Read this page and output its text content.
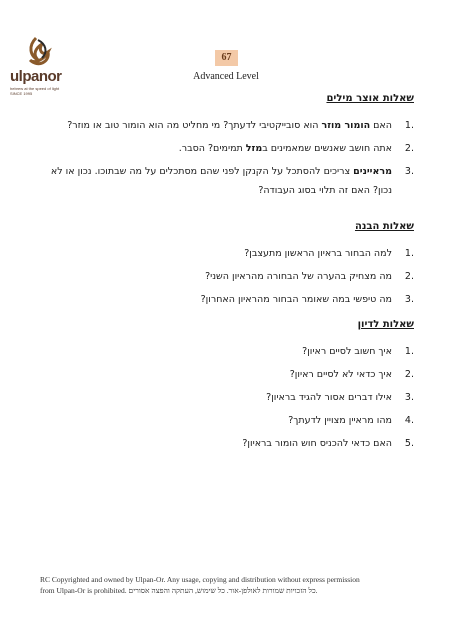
ulpanor
hebrew at the speed of light SINCE 1995
67
Advanced Level
שאלות אוצר מילים
1.
האם הומור מוזר הוא סובייקטיבי לדעתך? מי מחליט מה הוא הומור טוב או מוזר?
2.
אתה חושב שאנשים שמאמינים במזל תמימים? הסבר.
3.
מראיינים צריכים להסתכל על הקנקן לפני שהם מסתכלים על מה שבתוכו. נכון או לא נכון? האם זה תלוי בסוג העבודה?
שאלות הבנה
1.
למה הבחור בראיון הראשון מתעצבן?
2.
מה מצחיק בהערה של הבחורה מהראיון השני?
3.
מה טיפשי במה שאומר הבחור מהראיון האחרון?
שאלות לדיון
1.
איך חשוב לסיים ראיון?
2.
איך כדאי לא לסיים ראיון?
3.
אילו דברים אסור להגיד בראיון?
4.
מהו מראיין מצויין לדעתך?
5.
האם כדאי להכניס חוש הומור בראיון?
RC Copyrighted and owned by Ulpan-Or. Any usage, copying and distribution without express permission
from Ulpan-Or is prohibited. כל הזכויות שמורות לאולפן-אור. כל שימוש, העתקה והפצה אסורים.
